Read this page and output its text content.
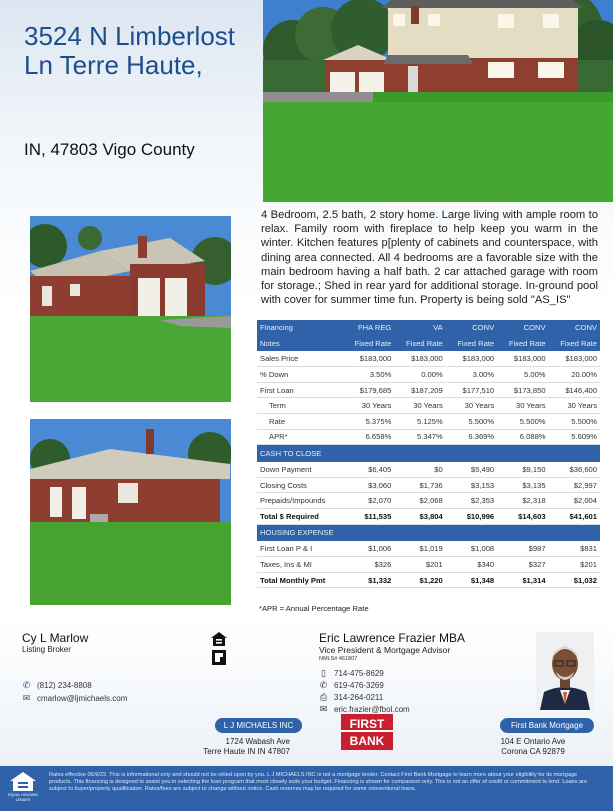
3524 N Limberlost
Ln Terre Haute,
IN, 47803 Vigo County

4 Bedroom, 2.5 bath, 2 story home. Large living with ample room to relax. Family room with fireplace to help keep you warm in the winter. Kitchen features p[plenty of cabinets and counterspace, with dining area connected. All 4 bedrooms are a favorable size with the main bedroom having a half bath. 2 car attached garage with room for storage.; Shed in rear yard for additional storage. In-ground pool with cover for summer time fun. Property is being sold "AS_IS"

Financing	FHA REG	VA	CONV	CONV	CONV
Notes	Fixed Rate	Fixed Rate	Fixed Rate	Fixed Rate	Fixed Rate
Sales Price	$183,000	$183,000	$183,000	$183,000	$183,000
% Down	3.50%	0.00%	3.00%	5.00%	20.00%
First Loan	$179,685	$187,209	$177,510	$173,850	$146,400
Term	30 Years	30 Years	30 Years	30 Years	30 Years
Rate	5.375%	5.125%	5.500%	5.500%	5.500%
APR*	6.658%	5.347%	6.369%	6.088%	5.609%
CASH TO CLOSE					
Down Payment	$6,405	$0	$5,490	$9,150	$36,600
Closing Costs	$3,060	$1,736	$3,153	$3,135	$2,997
Prepaids/Impounds	$2,070	$2,068	$2,353	$2,318	$2,004
Total $ Required	$11,535	$3,804	$10,996	$14,603	$41,601
HOUSING EXPENSE					
First Loan P & I	$1,006	$1,019	$1,008	$987	$831
Taxes, Ins & MI	$326	$201	$340	$327	$201
Total Monthly Pmt	$1,332	$1,220	$1,348	$1,314	$1,032
*APR = Annual Percentage Rate
Cy L Marlow
Listing Broker
✆ (812) 234-8808
✉ cmarlow@ljmichaels.com
Eric Lawrence Frazier MBA
Vice President & Mortgage Advisor
NMLS# 461807
▯ 714-475-8629
✆ 619-476-3269
⎙ 314-264-0211
✉ eric.frazier@fbol.com
L J MICHAELS INC
1724 Wabash Ave
Terre Haute IN IN 47807
FIRST
BANK
First Bank Mortgage
104 E Ontario Ave
Corona CA 92879
EQUAL HOUSING
LENDER
Rates effective 06/9/22. This is informational only and should not be relied upon by you. L J MICHAELS INC is not a mortgage lender. Contact First Bank Mortgage to learn more about your eligibility for its mortgage products. This financing is designed to assist you in selecting the loan program that most closely suits your budget. Financing is shown for comparison only. This is not an offer of credit or commitment to lend. Loans are subject to buyer/property qualification. Rates/fees are subject to change without notice. Cash reserves may be required for some conventional loans.
